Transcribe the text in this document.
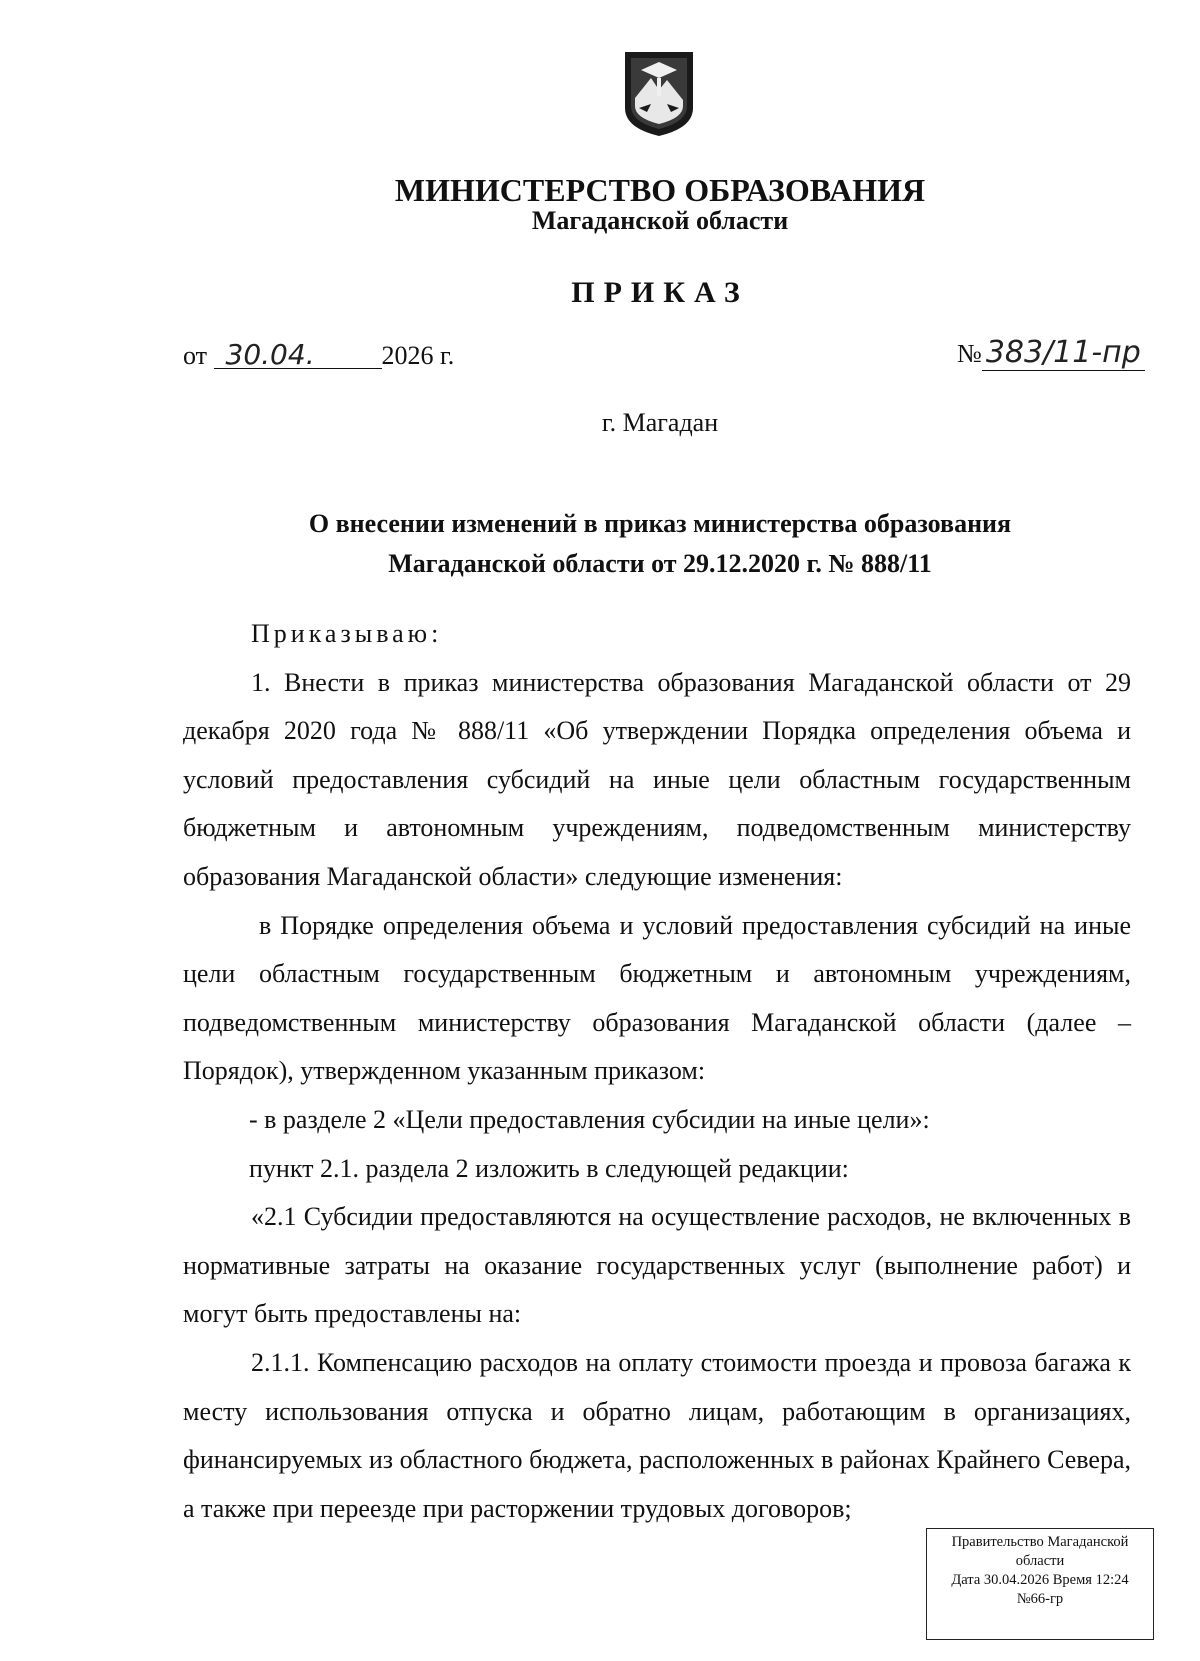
МИНИСТЕРСТВО ОБРАЗОВАНИЯ
Магаданской области
ПРИКАЗ
от 30.04.	2026 г.	№ 383/11-пр
г. Магадан
О внесении изменений в приказ министерства образования
Магаданской области от 29.12.2020 г. № 888/11

Приказываю:

1. Внести в приказ министерства образования Магаданской области от 29 декабря 2020 года № 888/11 «Об утверждении Порядка определения объема и условий предоставления субсидий на иные цели областным государственным бюджетным и автономным учреждениям, подведомственным министерству образования Магаданской области» следующие изменения:

в Порядке определения объема и условий предоставления субсидий на иные цели областным государственным бюджетным и автономным учреждениям, подведомственным министерству образования Магаданской области (далее – Порядок), утвержденном указанным приказом:

- в разделе 2 «Цели предоставления субсидии на иные цели»:

пункт 2.1. раздела 2 изложить в следующей редакции:

«2.1 Субсидии предоставляются на осуществление расходов, не включенных в нормативные затраты на оказание государственных услуг (выполнение работ) и могут быть предоставлены на:

2.1.1. Компенсацию расходов на оплату стоимости проезда и провоза багажа к месту использования отпуска и обратно лицам, работающим в организациях, финансируемых из областного бюджета, расположенных в районах Крайнего Севера, а также при переезде при расторжении трудовых договоров;

Правительство Магаданской
области
Дата 30.04.2026 Время 12:24
№66-гр
